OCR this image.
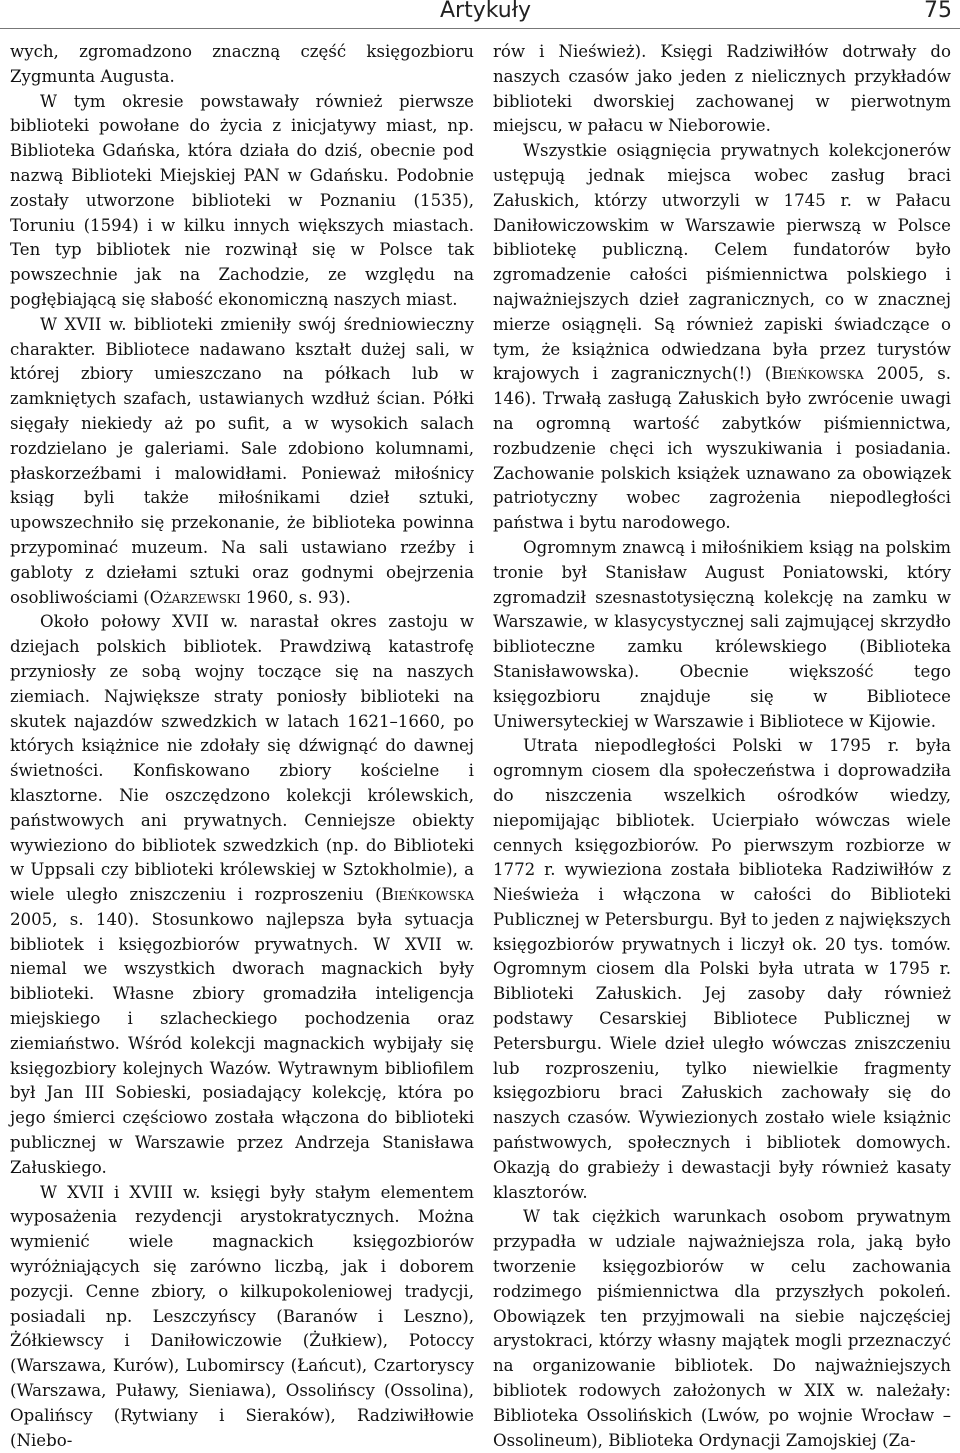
Artykuły	75

wych, zgromadzono znaczną część księgozbioru Zygmunta Augusta.

W tym okresie powstawały również pierwsze biblioteki powołane do życia z inicjatywy miast, np. Biblioteka Gdańska, która działa do dziś, obecnie pod nazwą Biblioteki Miejskiej PAN w Gdańsku. Podobnie zostały utworzone biblioteki w Poznaniu (1535), Toruniu (1594) i w kilku innych większych miastach. Ten typ bibliotek nie rozwinął się w Polsce tak powszechnie jak na Zachodzie, ze względu na pogłębiającą się słabość ekonomiczną naszych miast.

W XVII w. biblioteki zmieniły swój średniowieczny charakter. Bibliotece nadawano kształt dużej sali, w której zbiory umieszczano na półkach lub w zamkniętych szafach, ustawianych wzdłuż ścian. Półki sięgały niekiedy aż po sufit, a w wysokich salach rozdzielano je galeriami. Sale zdobiono kolumnami, płaskorzeźbami i malowidłami. Ponieważ miłośnicy ksiąg byli także miłośnikami dzieł sztuki, upowszechniło się przekonanie, że biblioteka powinna przypominać muzeum. Na sali ustawiano rzeźby i gabloty z dziełami sztuki oraz godnymi obejrzenia osobliwościami (Ożarzewski 1960, s. 93).

Około połowy XVII w. narastał okres zastoju w dziejach polskich bibliotek. Prawdziwą katastrofę przyniosły ze sobą wojny toczące się na naszych ziemiach. Największe straty poniosły biblioteki na skutek najazdów szwedzkich w latach 1621–1660, po których książnice nie zdołały się dźwignąć do dawnej świetności. Konfiskowano zbiory kościelne i klasztorne. Nie oszczędzono kolekcji królewskich, państwowych ani prywatnych. Cenniejsze obiekty wywieziono do bibliotek szwedzkich (np. do Biblioteki w Uppsali czy biblioteki królewskiej w Sztokholmie), a wiele uległo zniszczeniu i rozproszeniu (Bieńkowska 2005, s. 140). Stosunkowo najlepsza była sytuacja bibliotek i księgozbiorów prywatnych. W XVII w. niemal we wszystkich dworach magnackich były biblioteki. Własne zbiory gromadziła inteligencja miejskiego i szlacheckiego pochodzenia oraz ziemiaństwo. Wśród kolekcji magnackich wybijały się księgozbiory kolejnych Wazów. Wytrawnym bibliofilem był Jan III Sobieski, posiadający kolekcję, która po jego śmierci częściowo została włączona do biblioteki publicznej w Warszawie przez Andrzeja Stanisława Załuskiego.

W XVII i XVIII w. księgi były stałym elementem wyposażenia rezydencji arystokratycznych. Można wymienić wiele magnackich księgozbiorów wyróżniających się zarówno liczbą, jak i doborem pozycji. Cenne zbiory, o kilkupokoleniowej tradycji, posiadali np. Leszczyńscy (Baranów i Leszno), Żółkiewscy i Daniłowiczowie (Żułkiew), Potoccy (Warszawa, Kurów), Lubomirscy (Łańcut), Czartoryscy (Warszawa, Puławy, Sieniawa), Ossolińscy (Ossolina), Opalińscy (Rytwiany i Sieraków), Radziwiłłowie (Niebo-

rów i Nieśwież). Księgi Radziwiłłów dotrwały do naszych czasów jako jeden z nielicznych przykładów biblioteki dworskiej zachowanej w pierwotnym miejscu, w pałacu w Nieborowie.

Wszystkie osiągnięcia prywatnych kolekcjonerów ustępują jednak miejsca wobec zasług braci Załuskich, którzy utworzyli w 1745 r. w Pałacu Daniłowiczowskim w Warszawie pierwszą w Polsce bibliotekę publiczną. Celem fundatorów było zgromadzenie całości piśmiennictwa polskiego i najważniejszych dzieł zagranicznych, co w znacznej mierze osiągnęli. Są również zapiski świadczące o tym, że książnica odwiedzana była przez turystów krajowych i zagranicznych(!) (Bieńkowska 2005, s. 146). Trwałą zasługą Załuskich było zwrócenie uwagi na ogromną wartość zabytków piśmiennictwa, rozbudzenie chęci ich wyszukiwania i posiadania. Zachowanie polskich książek uznawano za obowiązek patriotyczny wobec zagrożenia niepodległości państwa i bytu narodowego.

Ogromnym znawcą i miłośnikiem ksiąg na polskim tronie był Stanisław August Poniatowski, który zgromadził szesnastotysięczną kolekcję na zamku w Warszawie, w klasycystycznej sali zajmującej skrzydło biblioteczne zamku królewskiego (Biblioteka Stanisławowska). Obecnie większość tego księgozbioru znajduje się w Bibliotece Uniwersyteckiej w Warszawie i Bibliotece w Kijowie.

Utrata niepodległości Polski w 1795 r. była ogromnym ciosem dla społeczeństwa i doprowadziła do niszczenia wszelkich ośrodków wiedzy, niepomijając bibliotek. Ucierpiało wówczas wiele cennych księgozbiorów. Po pierwszym rozbiorze w 1772 r. wywieziona została biblioteka Radziwiłłów z Nieświeża i włączona w całości do Biblioteki Publicznej w Petersburgu. Był to jeden z największych księgozbiorów prywatnych i liczył ok. 20 tys. tomów. Ogromnym ciosem dla Polski była utrata w 1795 r. Biblioteki Załuskich. Jej zasoby dały również podstawy Cesarskiej Bibliotece Publicznej w Petersburgu. Wiele dzieł uległo wówczas zniszczeniu lub rozproszeniu, tylko niewielkie fragmenty księgozbioru braci Załuskich zachowały się do naszych czasów. Wywiezionych zostało wiele książnic państwowych, społecznych i bibliotek domowych. Okazją do grabieży i dewastacji były również kasaty klasztorów.

W tak ciężkich warunkach osobom prywatnym przypadła w udziale najważniejsza rola, jaką było tworzenie księgozbiorów w celu zachowania rodzimego piśmiennictwa dla przyszłych pokoleń. Obowiązek ten przyjmowali na siebie najczęściej arystokraci, którzy własny majątek mogli przeznaczyć na organizowanie bibliotek. Do najważniejszych bibliotek rodowych założonych w XIX w. należały: Biblioteka Ossolińskich (Lwów, po wojnie Wrocław – Ossolineum), Biblioteka Ordynacji Zamojskiej (Za-
